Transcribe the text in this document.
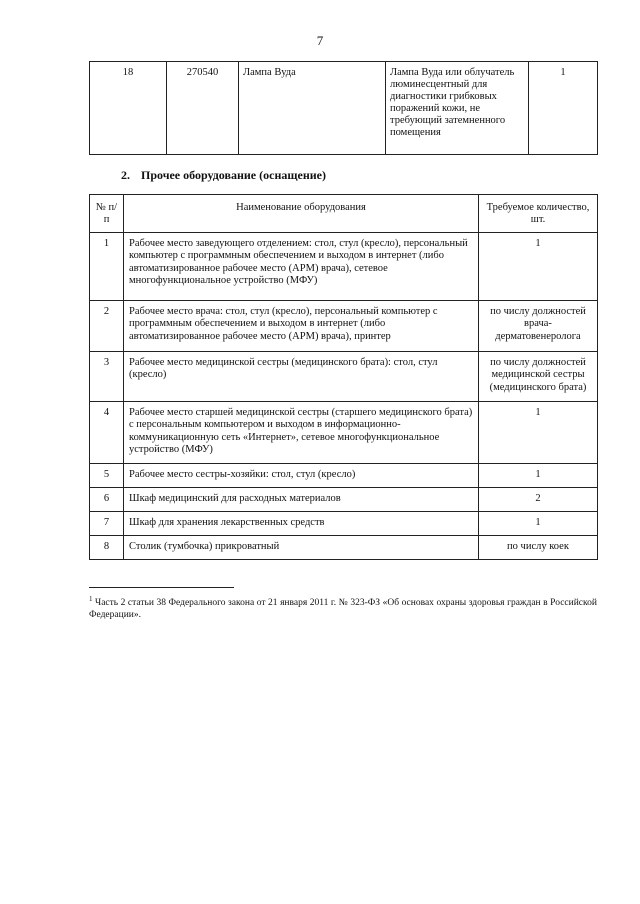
7
18	270540	Лампа Вуда	Лампа Вуда или облучатель люминесцентный для диагностики грибковых поражений кожи, не требующий затемненного помещения	1
2. Прочее оборудование (оснащение)
№ п/п	Наименование оборудования	Требуемое количество, шт.
1	Рабочее место заведующего отделением: стол, стул (кресло), персональный компьютер с программным обеспечением и выходом в интернет (либо автоматизированное рабочее место (АРМ) врача), сетевое многофункциональное устройство (МФУ)	1
2	Рабочее место врача: стол, стул (кресло), персональный компьютер с программным обеспечением и выходом в интернет (либо автоматизированное рабочее место (АРМ) врача), принтер	по числу должностей врача-дерматовенеролога
3	Рабочее место медицинской сестры (медицинского брата): стол, стул (кресло)	по числу должностей медицинской сестры (медицинского брата)
4	Рабочее место старшей медицинской сестры (старшего медицинского брата) с персональным компьютером и выходом в информационно-коммуникационную сеть «Интернет», сетевое многофункциональное устройство (МФУ)	1
5	Рабочее место сестры-хозяйки: стол, стул (кресло)	1
6	Шкаф медицинский для расходных материалов	2
7	Шкаф для хранения лекарственных средств	1
8	Столик (тумбочка) прикроватный	по числу коек
$^1$ Часть 2 статьи 38 Федерального закона от 21 января 2011 г. № 323-ФЗ «Об основах охраны здоровья граждан в Российской Федерации».
